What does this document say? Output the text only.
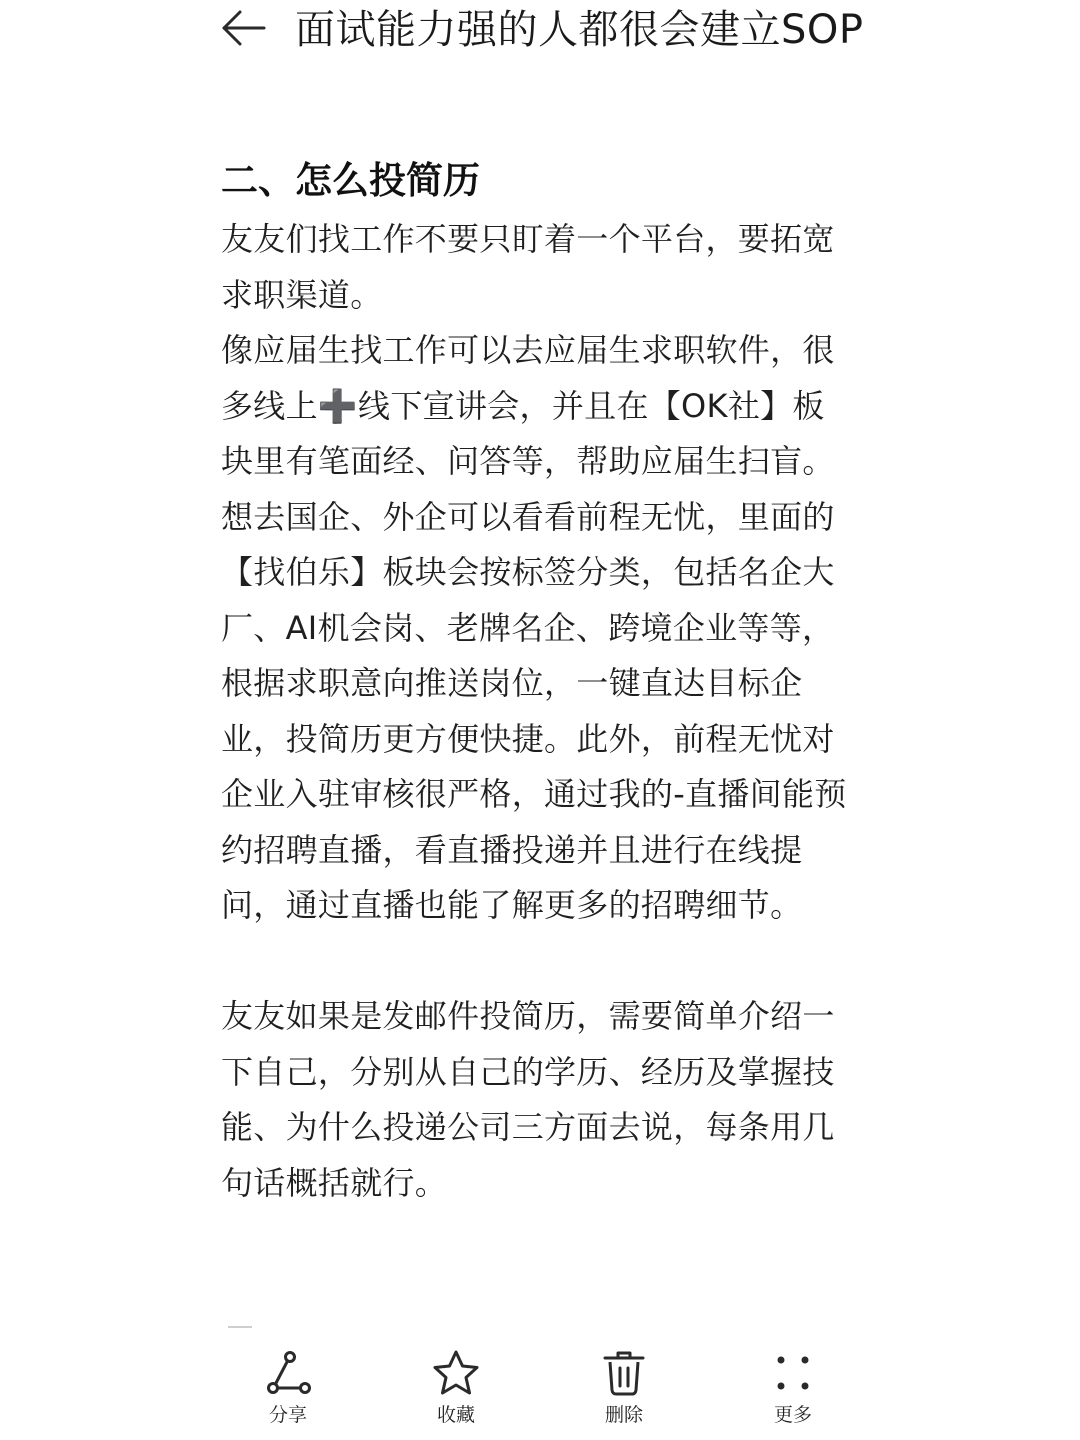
面试能力强的人都很会建立SOP
二、怎么投简历

友友们找工作不要只盯着一个平台，要拓宽
求职渠道。

像应届生找工作可以去应届生求职软件，很
多线上➕线下宣讲会，并且在【OK社】板
块里有笔面经、问答等，帮助应届生扫盲。

想去国企、外企可以看看前程无忧，里面的
【找伯乐】板块会按标签分类，包括名企大
厂、AI机会岗、老牌名企、跨境企业等等，
根据求职意向推送岗位，一键直达目标企
业，投简历更方便快捷。此外，前程无忧对
企业入驻审核很严格，通过我的-直播间能预
约招聘直播，看直播投递并且进行在线提
问，通过直播也能了解更多的招聘细节。

友友如果是发邮件投简历，需要简单介绍一
下自己，分别从自己的学历、经历及掌握技
能、为什么投递公司三方面去说，每条用几
句话概括就行。

分享	收藏	删除	更多
